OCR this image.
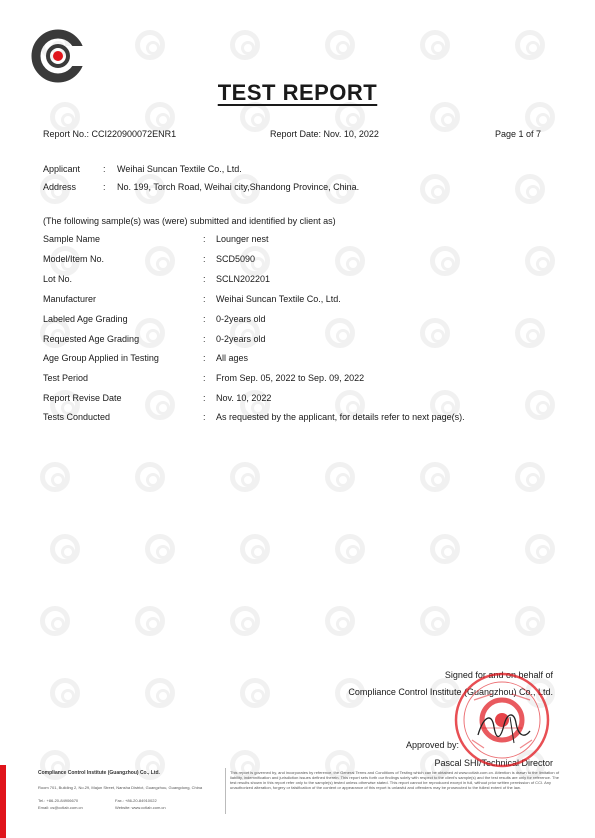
TEST REPORT
Report No.: CCI220900072ENR1	Report Date: Nov. 10, 2022	Page 1 of 7
Applicant	: Weihai Suncan Textile Co., Ltd.
Address	: No. 199, Torch Road, Weihai city,Shandong Province, China.
(The following sample(s) was (were) submitted and identified by client as)
Sample Name	: Lounger nest
Model/Item No.	: SCD5090
Lot No.	: SCLN202201
Manufacturer	: Weihai Suncan Textile Co., Ltd.
Labeled Age Grading	: 0-2years old
Requested Age Grading	: 0-2years old
Age Group Applied in Testing	: All ages
Test Period	: From Sep. 05, 2022 to Sep. 09, 2022
Report Revise Date	: Nov. 10, 2022
Tests Conducted	: As requested by the applicant, for details refer to next page(s).
Signed for and on behalf of
Compliance Control Institute (Guangzhou) Co., Ltd.
Approved by:
Pascal SHI/Technical Director
Compliance Control Institute (Guangzhou) Co., Ltd.
Room 701, Building 2, No.29, Majun Street, Nansha District, Guangzhou, Guangdong, China
Tel.: +86-20-84906670	Fax.: +86-20-84910022
Email: cs@cctlab.com.cn	Website: www.cctlab.com.cn
This report is governed by, and incorporates by reference, the General Terms and Conditions of Testing which can be obtained at www.cctlab.com.cn. Attention is drawn to the limitation of liability, indemnification and jurisdiction issues defined therein. This report sets forth our findings solely with respect to the client's sample(s) and the test results are only for reference. The test results shown in this report refer only to the sample(s) tested unless otherwise stated. This report cannot be reproduced except in full, without prior written permission of CCI. Any unauthorized alteration, forgery or falsification of the content or appearance of this report is unlawful and offenders may be prosecuted to the fullest extent of the law.
